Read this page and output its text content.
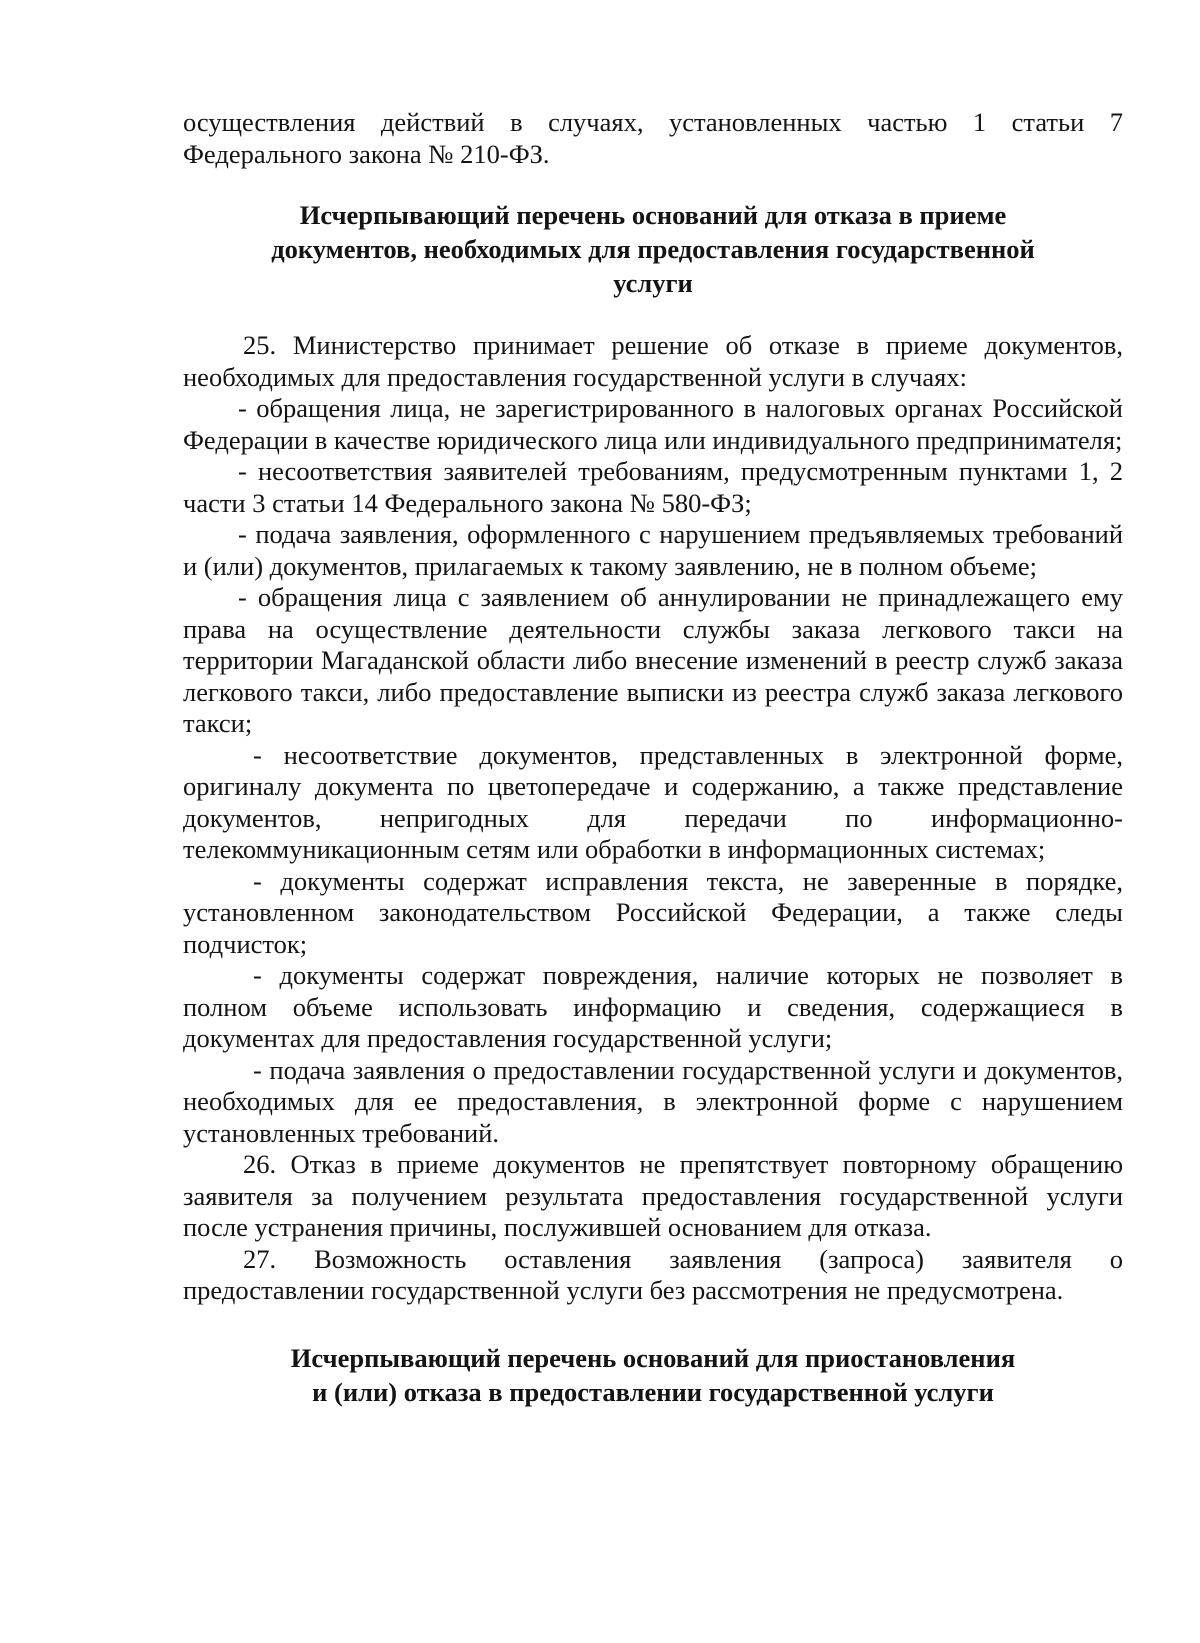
осуществления действий в случаях, установленных частью 1 статьи 7 Федерального закона № 210-ФЗ.

Исчерпывающий перечень оснований для отказа в приеме
документов, необходимых для предоставления государственной
услуги

25. Министерство принимает решение об отказе в приеме документов, необходимых для предоставления государственной услуги в случаях:

- обращения лица, не зарегистрированного в налоговых органах Российской Федерации в качестве юридического лица или индивидуального предпринимателя;

- несоответствия заявителей требованиям, предусмотренным пунктами 1, 2 части 3 статьи 14 Федерального закона № 580-ФЗ;

- подача заявления, оформленного с нарушением предъявляемых требований и (или) документов, прилагаемых к такому заявлению, не в полном объеме;

- обращения лица с заявлением об аннулировании не принадлежащего ему права на осуществление деятельности службы заказа легкового такси на территории Магаданской области либо внесение изменений в реестр служб заказа легкового такси, либо предоставление выписки из реестра служб заказа легкового такси;

- несоответствие документов, представленных в электронной форме, оригиналу документа по цветопередаче и содержанию, а также представление документов, непригодных для передачи по информационно-телекоммуникационным сетям или обработки в информационных системах;

- документы содержат исправления текста, не заверенные в порядке, установленном законодательством Российской Федерации, а также следы подчисток;

- документы содержат повреждения, наличие которых не позволяет в полном объеме использовать информацию и сведения, содержащиеся в документах для предоставления государственной услуги;

- подача заявления о предоставлении государственной услуги и документов, необходимых для ее предоставления, в электронной форме с нарушением установленных требований.

26. Отказ в приеме документов не препятствует повторному обращению заявителя за получением результата предоставления государственной услуги после устранения причины, послужившей основанием для отказа.

27. Возможность оставления заявления (запроса) заявителя о предоставлении государственной услуги без рассмотрения не предусмотрена.

Исчерпывающий перечень оснований для приостановления
и (или) отказа в предоставлении государственной услуги
